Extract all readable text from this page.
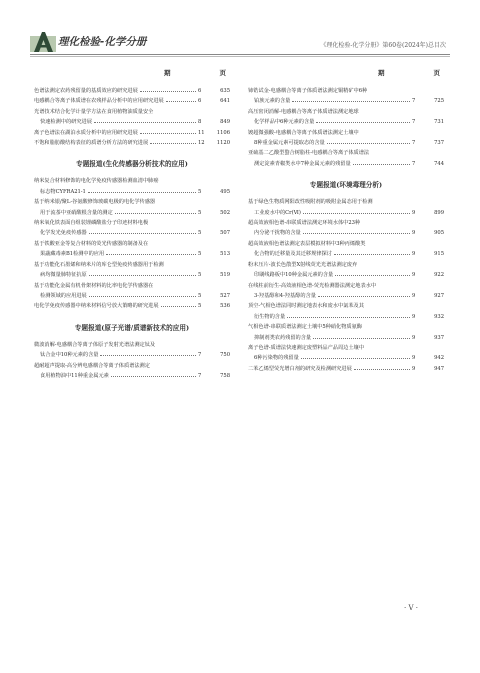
理化检验-化学分册	《理化检验-化学分册》第60卷(2024年)总目次
期	页
色谱法测定农药残留量的基质效应的研究进展	6	635
电感耦合等离子体质谱在农残样品分析中的应用研究进展	6	641
光谱技术结合化学计量学方法在食用植物油质量安全
快速检测中的研究进展	8	849
离子色谱法在湖泊水质分析中的应用研究进展	11 1106
不饱和脂肪酸结构表征的质谱分析方法的研究进展	12 1120
专题报道(生化传感器分析技术的应用)
纳米复合材料修饰的电化学免疫传感器检测血清中肺癌
标志物CYFRA21-1	5	495
基于纳米银/聚L-谷氨酸修饰玻碳电极的电化学传感器
用于流茶中亚硝酸根含量的测定	5	502
纳米氧化铁表面自组装锂磷酸盐分子印迹材料电极
化学发光免疫传感器	5	507
基于铁酸亚金等复合材料的荧光传感器的制备及在
果蔬藏毒素B1检测中的应用	5	513
基于功能化石墨烯和纳米片的库仑型免疫传感器用于检测
病均微量肺特征抗原	5	519
基于功能化金属有机骨架材料的比率电化学传感器在
检测领域的应用进展	5	527
电化学免疫传感器中纳米材料信号放大策略的研究进展	5	536
专题报道(原子光谱/质谱新技术的应用)
微波消解-电感耦合等离子体原子发射光谱法测定钛及
钛合金中10种元素的含量	7	750
超耐超声提取-高分辨电感耦合等离子体质谱法测定
食用植物油中11种重金属元素	7	758
期	页
铈锆试金-电感耦合等离子体质谱法测定铜精矿中6种
铂族元素的含量	7	725
高压密闭消解-电感耦合等离子体质谱法测定地球
化学样品中6种元素的含量	7	731
镀超微强酸-电感耦合等离子体质谱法测定土壤中
8种重金属元素可提取态的含量	7	737
亚硫基二乙酸型螯合树脂柱-电感耦合等离子体质谱法
测定淀素青椒类水中7种金属元素的残留量	7	744
专题报道(环境毒理分析)
基于绿色生物质网阳改性吸附剂的吸附金属态用于检测
工业废水中的Cr(Ⅵ)	9	899
超高效液相色谱-串联质谱法测定环境水体中23种
内分泌干扰物的含量	9	905
超高效液相色谱法测定表层模拟材料中3种丙烯酸类
化合物的迁移量及其迁移规律探讨	9	915
粉末压片-波长色散型X射线荧光光谱法测定废弃
印刷线路板中10种金属元素的含量	9	922
在线柱前衍生-高效液相色谱-荧光检测器法测定地表水中
3-羟基醇和4-羟基醇的含量	9	927
顶空-气相色谱法同时测定地表水和废水中氯苯及其
衍生物的含量	9	932
气相色谱-串联质谱法测定土壤中5种硝化物质氨酶
抑制剂类农药残留的含量	9	937
离子色谱-质谱法快速测定废塑料品产品周边土壤中
6种污染物的残留量	9	942
二苯乙烯型荧光增白剂的研究及检测研究进展	9	947
· Ⅴ ·
